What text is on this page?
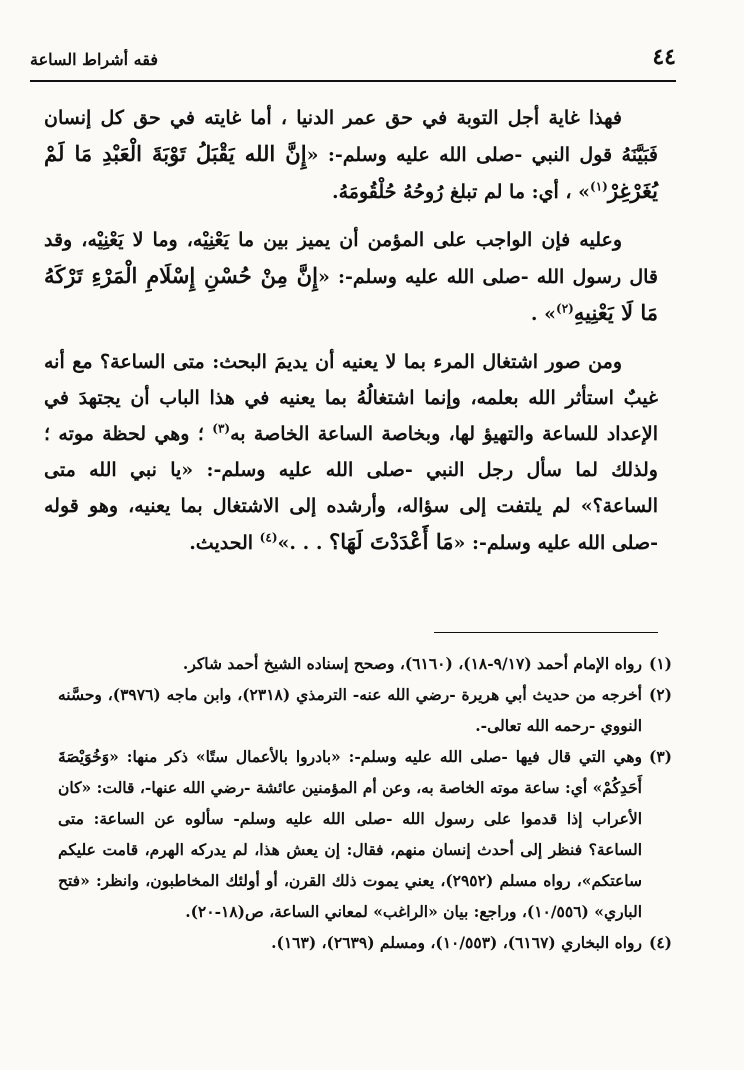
٤٤
فقه أشراط الساعة

فهذا غاية أجل التوبة في حق عمر الدنيا ، أما غايته في حق كل إنسان فَبَيَّنَهُ قول النبي -صلى الله عليه وسلم-: «إِنَّ الله يَقْبَلُ تَوْبَةَ الْعَبْدِ مَا لَمْ يُغَرْغِرْ$^{(١)}$» ، أي: ما لم تبلغ رُوحُهُ حُلْقُومَهُ.

وعليه فإن الواجب على المؤمن أن يميز بين ما يَعْنِيْه، وما لا يَعْنِيْه، وقد قال رسول الله -صلى الله عليه وسلم-: «إِنَّ مِنْ حُسْنِ إِسْلَامِ الْمَرْءِ تَرْكَهُ مَا لَا يَعْنِيهِ$^{(٢)}$» .

ومن صور اشتغال المرء بما لا يعنيه أن يديمَ البحث: متى الساعة؟ مع أنه غيبٌ استأثر الله بعلمه، وإنما اشتغالُهُ بما يعنيه في هذا الباب أن يجتهدَ في الإعداد للساعة والتهيؤ لها، وبخاصة الساعة الخاصة به$^{(٣)}$ ؛ وهي لحظة موته ؛ ولذلك لما سأل رجل النبي -صلى الله عليه وسلم-: «يا نبي الله متى الساعة؟» لم يلتفت إلى سؤاله، وأرشده إلى الاشتغال بما يعنيه، وهو قوله -صلى الله عليه وسلم-: «مَا أَعْدَدْتَ لَهَا؟ . . .»$^{(٤)}$ الحديث.

(١)
رواه الإمام أحمد (٩/١٧-١٨)، (٦١٦٠)، وصحح إسناده الشيخ أحمد شاكر.

(٢)
أخرجه من حديث أبي هريرة -رضي الله عنه- الترمذي (٢٣١٨)، وابن ماجه (٣٩٧٦)، وحسَّنه النووي -رحمه الله تعالى-.

(٣)
وهي التي قال فيها -صلى الله عليه وسلم-: «بادروا بالأعمال ستًا» ذكر منها: «وَخُوَيْصَةَ أَحَدِكُمْ» أي: ساعة موته الخاصة به، وعن أم المؤمنين عائشة -رضي الله عنها-، قالت: «كان الأعراب إذا قدموا على رسول الله -صلى الله عليه وسلم- سألوه عن الساعة: متى الساعة؟ فنظر إلى أحدث إنسان منهم، فقال: إن يعش هذا، لم يدركه الهرم، قامت عليكم ساعتكم»، رواه مسلم (٢٩٥٢)، يعني يموت ذلك القرن، أو أولئك المخاطبون، وانظر: «فتح الباري» (١٠/٥٥٦)، وراجع: بيان «الراغب» لمعاني الساعة، ص(١٨-٢٠).

(٤)
رواه البخاري (٦١٦٧)، (١٠/٥٥٣)، ومسلم (٢٦٣٩)، (١٦٣).
